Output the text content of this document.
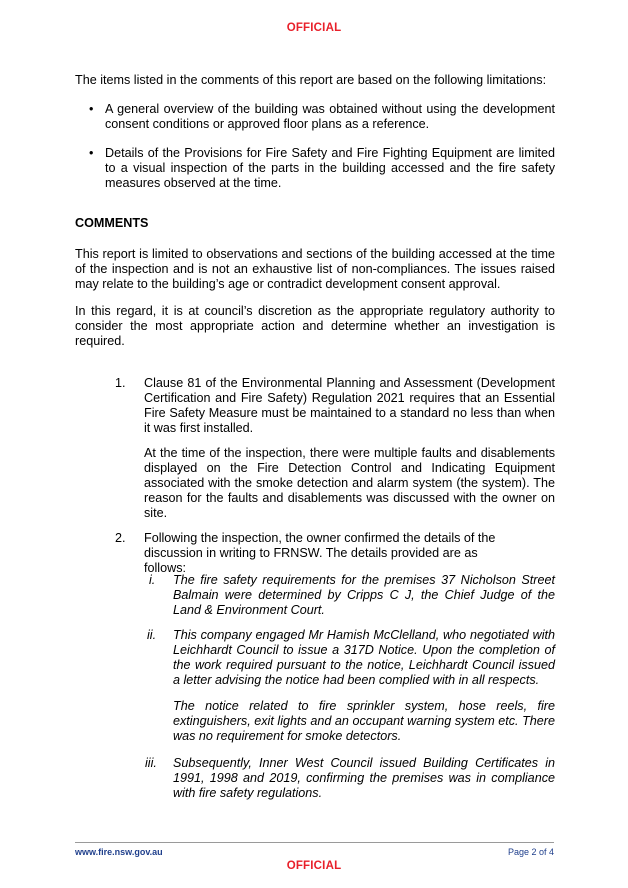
OFFICIAL
The items listed in the comments of this report are based on the following limitations:
• A general overview of the building was obtained without using the development consent conditions or approved floor plans as a reference.
• Details of the Provisions for Fire Safety and Fire Fighting Equipment are limited to a visual inspection of the parts in the building accessed and the fire safety measures observed at the time.
COMMENTS
This report is limited to observations and sections of the building accessed at the time of the inspection and is not an exhaustive list of non-compliances. The issues raised may relate to the building’s age or contradict development consent approval.
In this regard, it is at council’s discretion as the appropriate regulatory authority to consider the most appropriate action and determine whether an investigation is required.
1. Clause 81 of the Environmental Planning and Assessment (Development Certification and Fire Safety) Regulation 2021 requires that an Essential Fire Safety Measure must be maintained to a standard no less than when it was first installed.
At the time of the inspection, there were multiple faults and disablements displayed on the Fire Detection Control and Indicating Equipment associated with the smoke detection and alarm system (the system). The reason for the faults and disablements was discussed with the owner on site.
2. Following the inspection, the owner confirmed the details of the discussion in writing to FRNSW. The details provided are as follows:
i. The fire safety requirements for the premises 37 Nicholson Street Balmain were determined by Cripps C J, the Chief Judge of the Land & Environment Court.
ii. This company engaged Mr Hamish McClelland, who negotiated with Leichhardt Council to issue a 317D Notice. Upon the completion of the work required pursuant to the notice, Leichhardt Council issued a letter advising the notice had been complied with in all respects.
The notice related to fire sprinkler system, hose reels, fire extinguishers, exit lights and an occupant warning system etc. There was no requirement for smoke detectors.
iii. Subsequently, Inner West Council issued Building Certificates in 1991, 1998 and 2019, confirming the premises was in compliance with fire safety regulations.
www.fire.nsw.gov.au	Page 2 of 4
OFFICIAL
